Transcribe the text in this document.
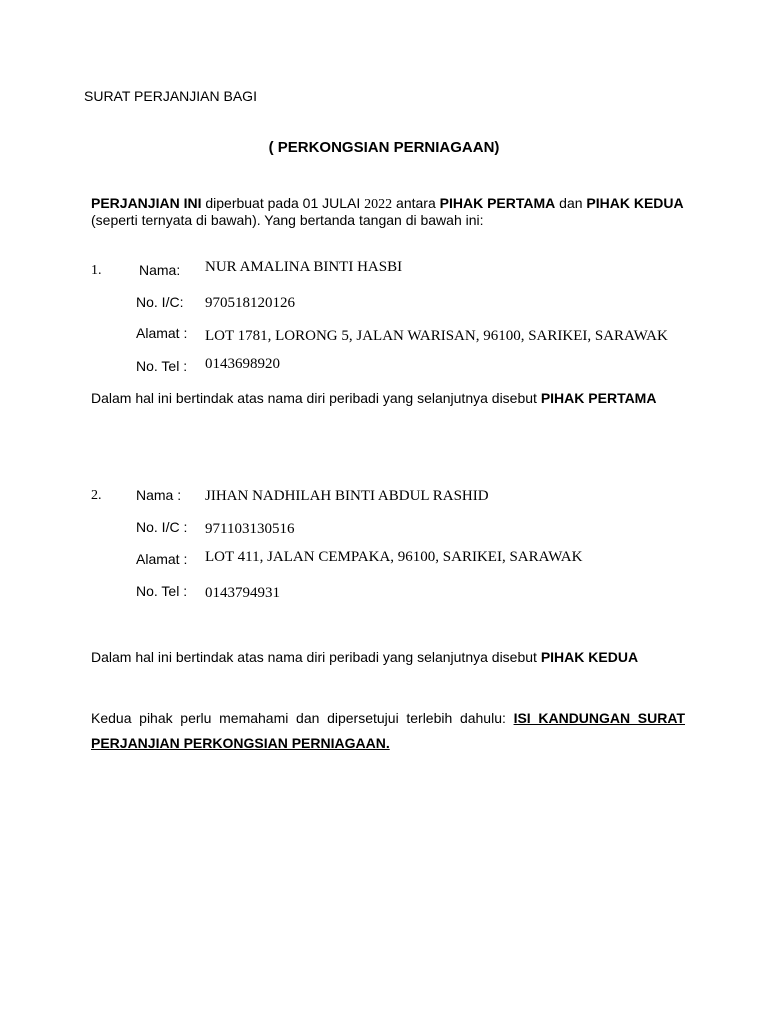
SURAT PERJANJIAN BAGI
( PERKONGSIAN PERNIAGAAN)
PERJANJIAN INI diperbuat pada 01 JULAI 2022 antara PIHAK PERTAMA dan PIHAK KEDUA
(seperti ternyata di bawah). Yang bertanda tangan di bawah ini:
1.	Nama: NUR AMALINA BINTI HASBI
No. I/C: 970518120126
Alamat : LOT 1781, LORONG 5, JALAN WARISAN, 96100, SARIKEI, SARAWAK
No. Tel : 0143698920
Dalam hal ini bertindak atas nama diri peribadi yang selanjutnya disebut PIHAK PERTAMA
2. Nama : JIHAN NADHILAH BINTI ABDUL RASHID
No. I/C : 971103130516
Alamat : LOT 411, JALAN CEMPAKA, 96100, SARIKEI, SARAWAK
No. Tel : 0143794931
Dalam hal ini bertindak atas nama diri peribadi yang selanjutnya disebut PIHAK KEDUA
Kedua pihak perlu memahami dan dipersetujui terlebih dahulu: ISI KANDUNGAN SURAT
PERJANJIAN PERKONGSIAN PERNIAGAAN.
